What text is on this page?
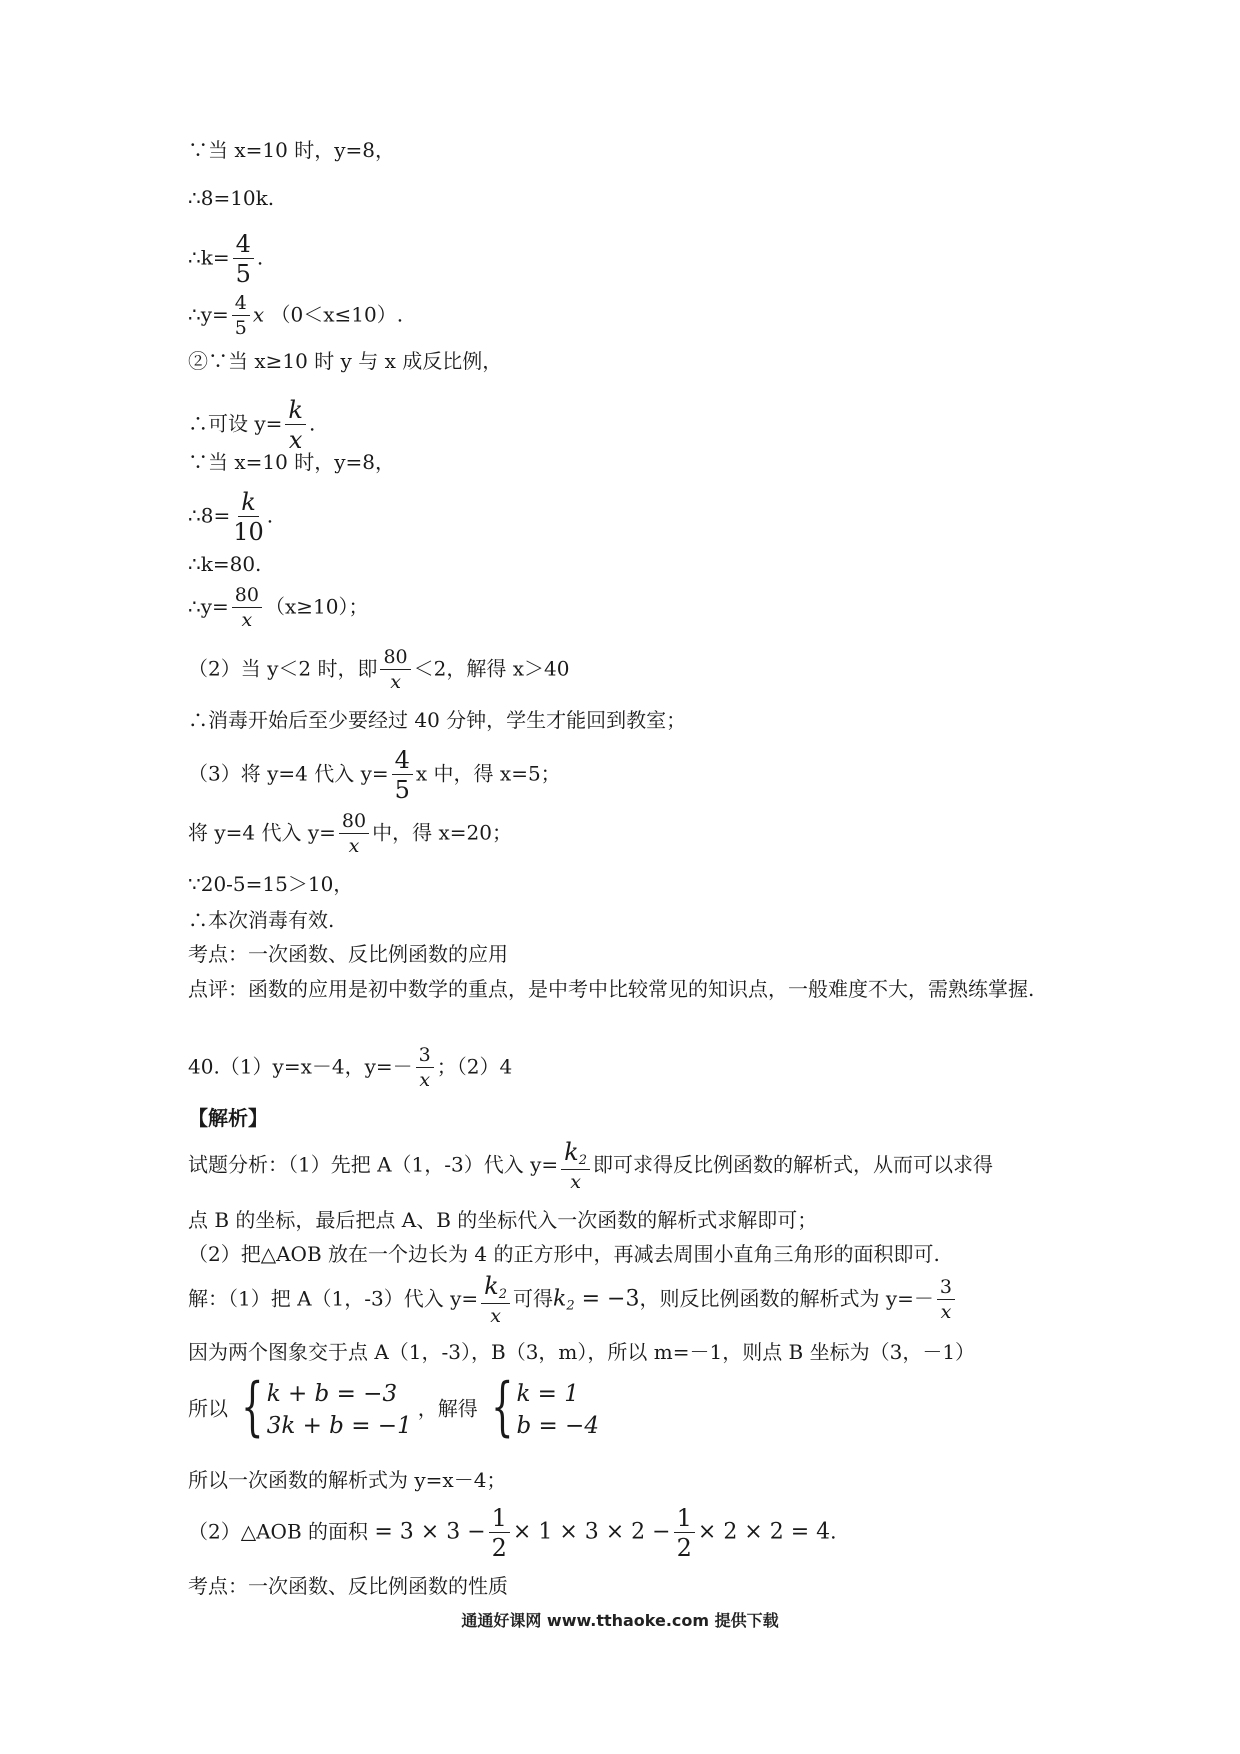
∵当 x=10 时，y=8，
∴8=10k.
∴k= $\frac{4}{5}$ .
∴y= $\frac{4}{5}$ x （0＜x≤10）.
②∵当 x≥10 时 y 与 x 成反比例，
∴可设 $y= \frac{k}{x}$ .
∵当 x=10 时，y=8，
∴8= $\frac{k}{10}$ .
∴k=80.
∴y= $\frac{80}{x} (x\ge 10)$；
（2）当 y＜2 时，即 $\frac{80}{x} <2$，解得 x＞40
∴消毒开始后至少要经过 40 分钟，学生才能回到教室；
（3）将 y=4 代入 $y= \frac{4}{5}$ x 中，得 x=5；
将 y=4 代入 $y= \frac{80}{x}$ 中，得 x=20；
∵20-5=15＞10，
∴本次消毒有效.
考点：一次函数、反比例函数的应用
点评：函数的应用是初中数学的重点，是中考中比较常见的知识点，一般难度不大，需熟练掌握.
40.（1）y=x－4，$y=- \frac{3}{x}$ ；（2）4
【解析】
试题分析：（1）先把 A（1，-3）代入 $y= \frac{k_2}{x}$ 即可求得反比例函数的解析式，从而可以求得
点 B 的坐标，最后把点 A、B 的坐标代入一次函数的解析式求解即可；
（2）把△AOB 放在一个边长为 4 的正方形中，再减去周围小直角三角形的面积即可.
解：（1）把 A（1，-3）代入 $y= \frac{k_2}{x}$ 可得$k_2 = -3$，则反比例函数的解析式为 $y=- \frac{3}{x}$
因为两个图象交于点 A（1，-3），B（3，m），所以 m=－1，则点 B 坐标为（3，－1）
所以 { k + b = −3
3k + b = −1
，解得 { k = 1
b = −4
所以一次函数的解析式为 y=x－4；
（2）△AOB 的面积 = $3 \times 3 - \frac{1}{2} \times 1 \times 3 \times 2 - \frac{1}{2} \times 2 \times 2 = 4$.
考点：一次函数、反比例函数的性质
通通好课网 www.tthaoke.com 提供下载
